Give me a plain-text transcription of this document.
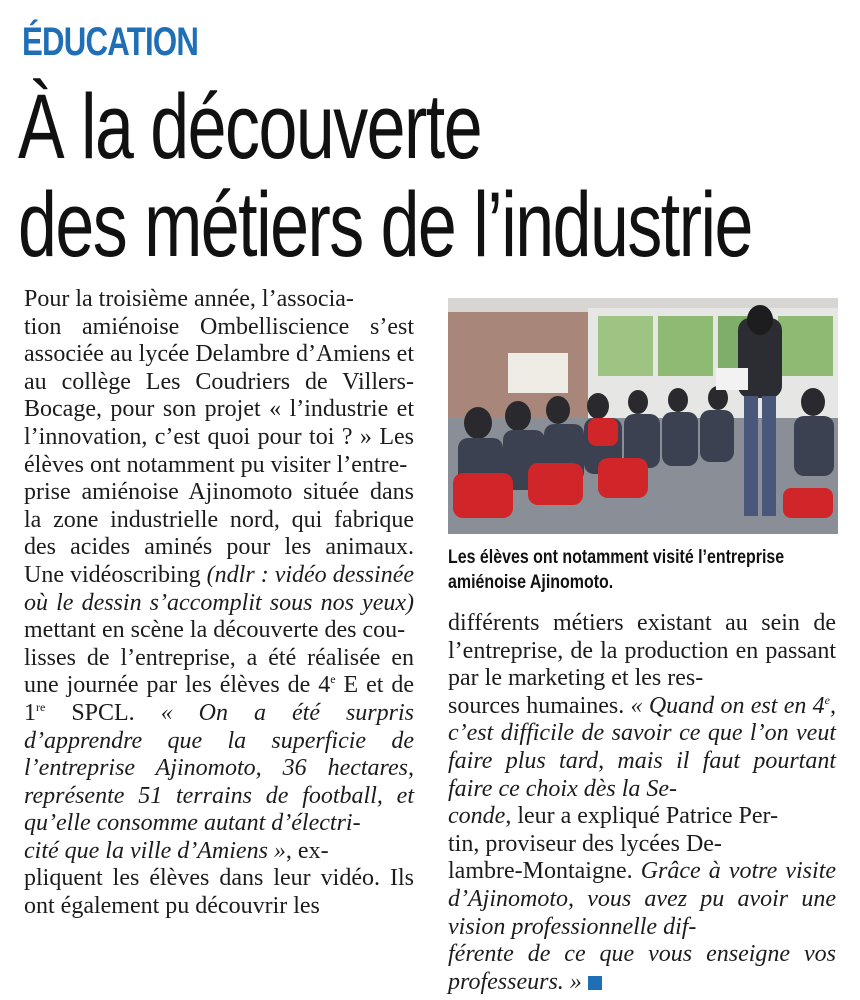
ÉDUCATION
À la découverte
des métiers de l’industrie
Pour la troisième année, l’associa-
tion amiénoise Ombelliscience s’est associée au lycée Delambre d’Amiens et au collège Les Coudriers de Villers-Bocage, pour son projet « l’industrie et l’innovation, c’est quoi pour toi ? » Les élèves ont notamment pu visiter l’entre-
prise amiénoise Ajinomoto située dans la zone industrielle nord, qui fabrique des acides aminés pour les animaux. Une vidéoscribing (ndlr : vidéo dessinée où le dessin s’accomplit sous nos yeux) mettant en scène la découverte des cou-
lisses de l’entreprise, a été réalisée en une journée par les élèves de 4e E et de 1re SPCL. « On a été surpris d’apprendre que la superficie de l’entreprise Ajinomoto, 36 hectares, représente 51 terrains de football, et qu’elle consomme autant d’électri-
cité que la ville d’Amiens », ex-
pliquent les élèves dans leur vidéo. Ils ont également pu découvrir les
Les élèves ont notamment visité l’entreprise
amiénoise Ajinomoto.
différents métiers existant au sein de l’entreprise, de la production en passant par le marketing et les res-
sources humaines. « Quand on est en 4e, c’est difficile de savoir ce que l’on veut faire plus tard, mais il faut pourtant faire ce choix dès la Se-
conde, leur a expliqué Patrice Per-
tin, proviseur des lycées De-
lambre-Montaigne. Grâce à votre visite d’Ajinomoto, vous avez pu avoir une vision professionnelle dif-
férente de ce que vous enseigne vos professeurs. »
